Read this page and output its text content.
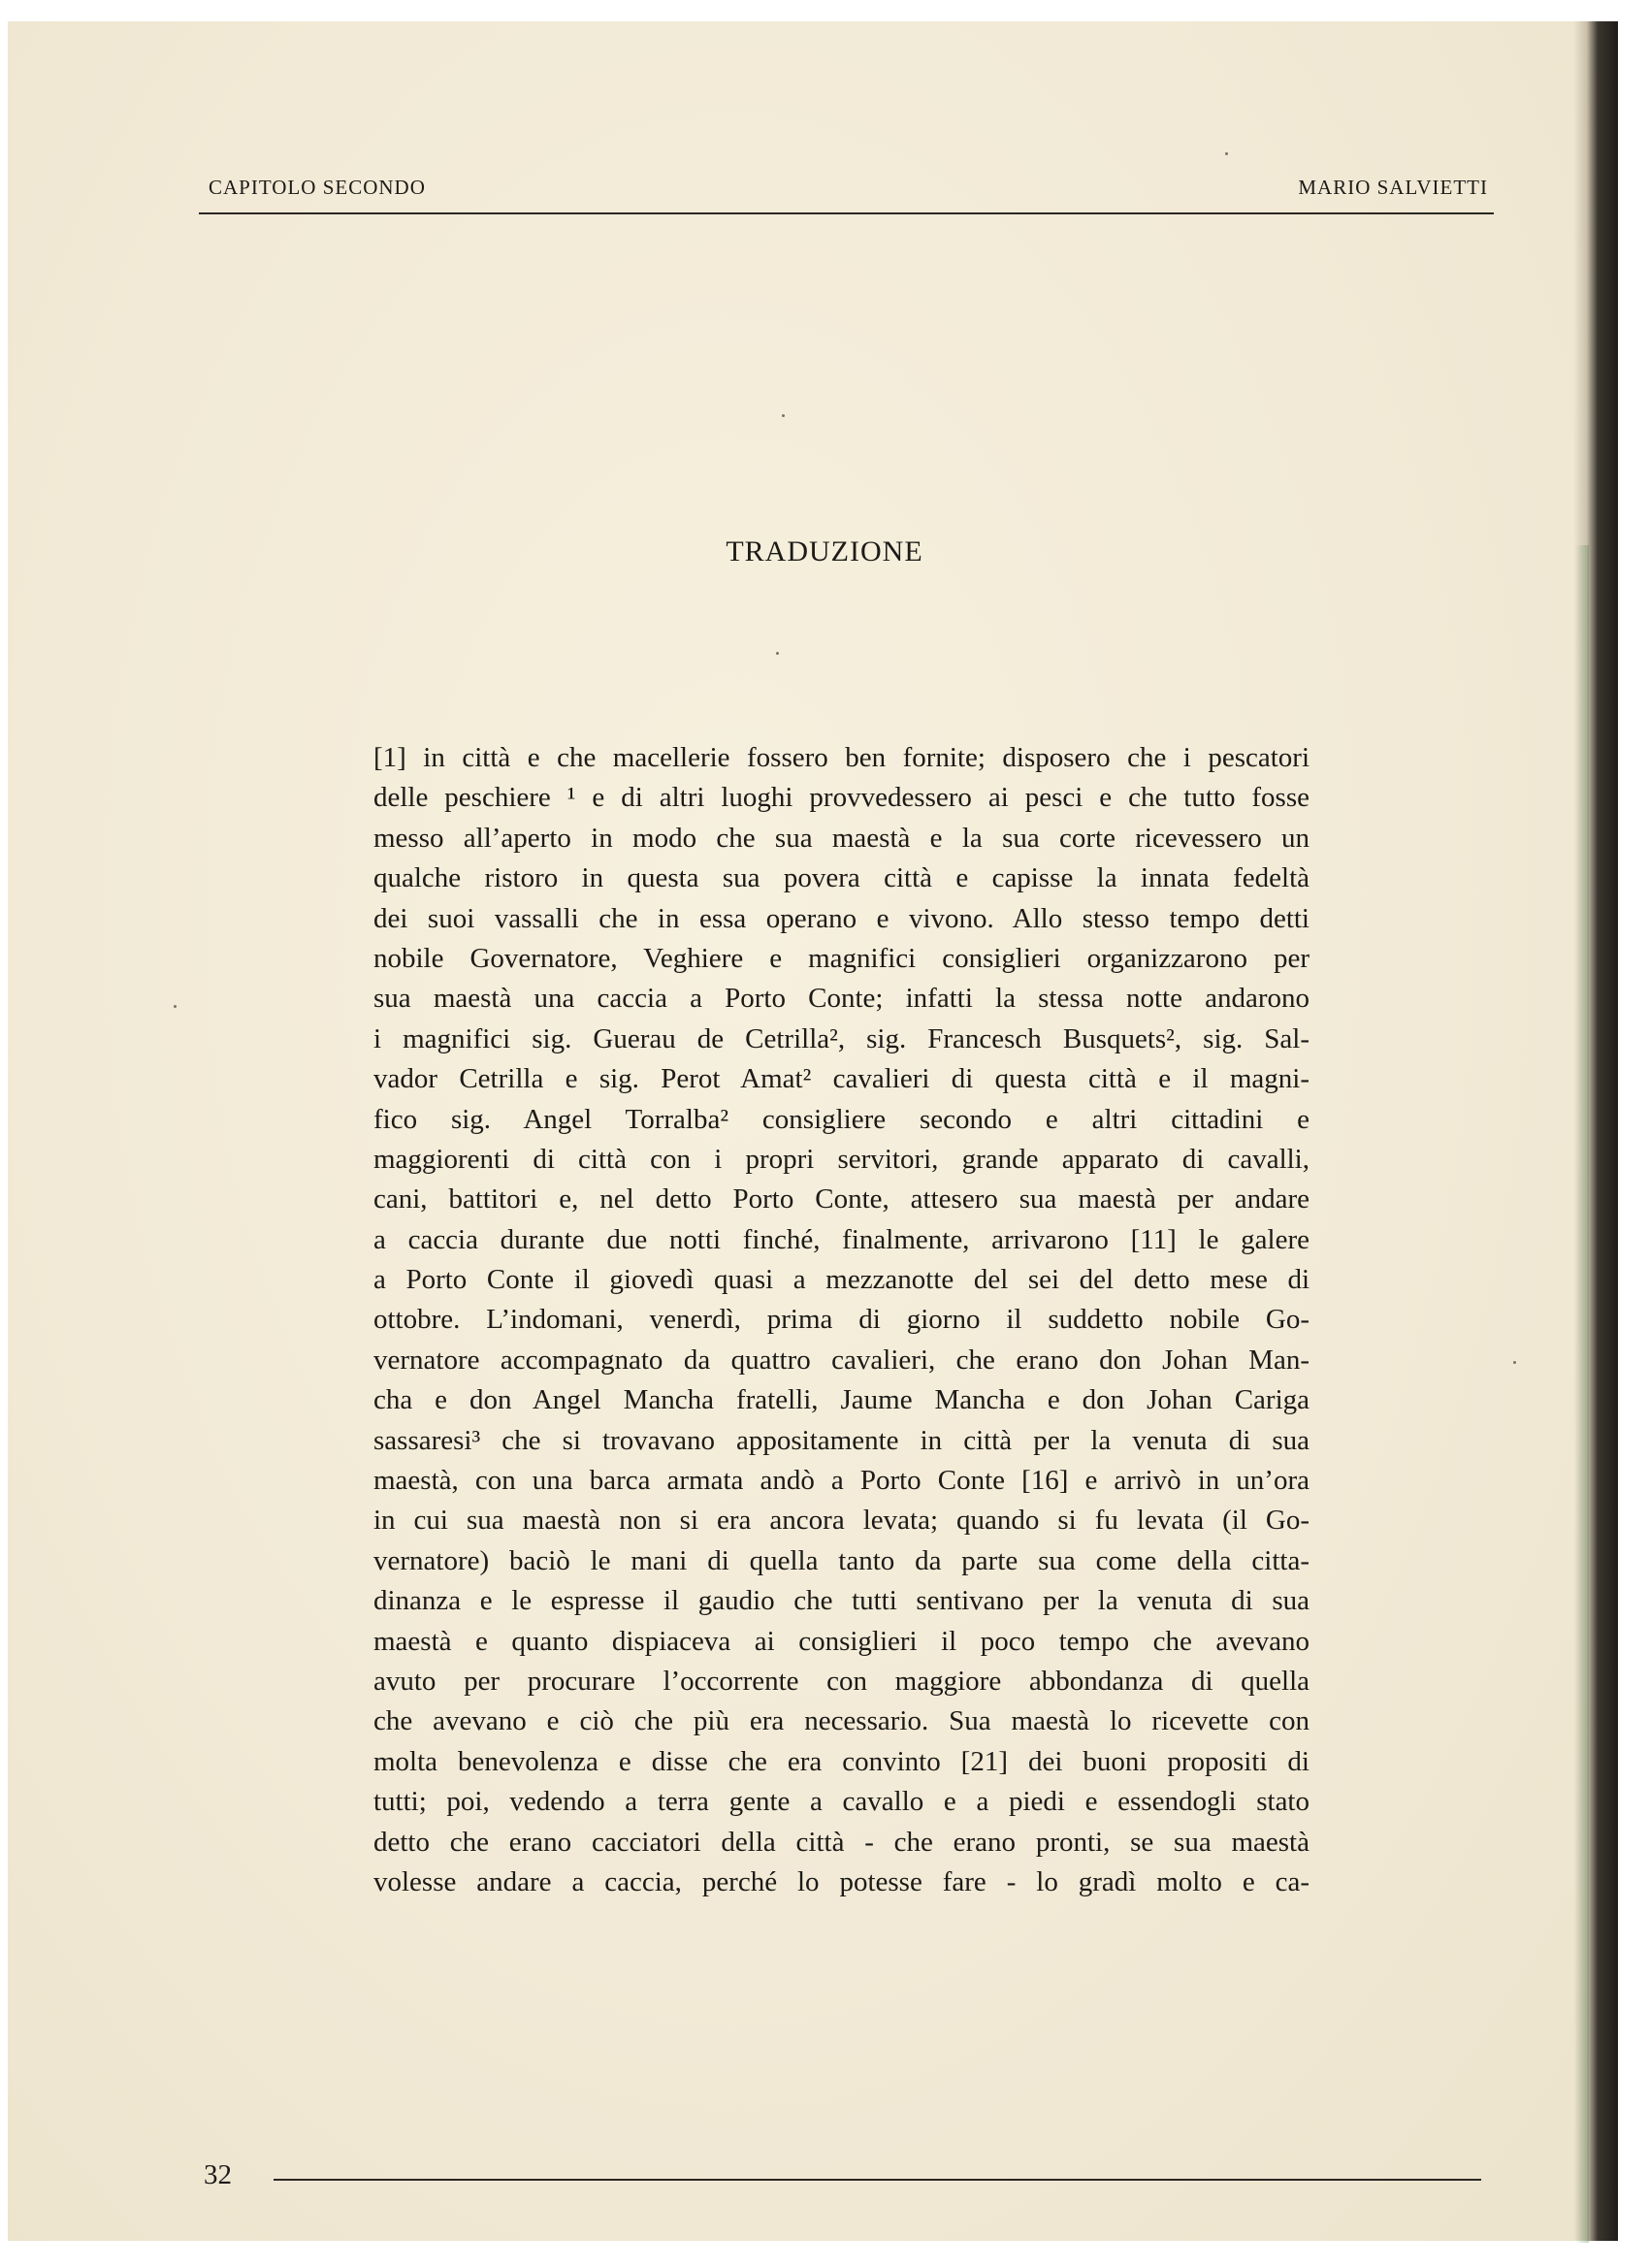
CAPITOLO SECONDO	MARIO SALVIETTI
TRADUZIONE
[1] in città e che macellerie fossero ben fornite; disposero che i pescatori
delle peschiere ¹ e di altri luoghi provvedessero ai pesci e che tutto fosse
messo all’aperto in modo che sua maestà e la sua corte ricevessero un
qualche ristoro in questa sua povera città e capisse la innata fedeltà
dei suoi vassalli che in essa operano e vivono. Allo stesso tempo detti
nobile Governatore, Veghiere e magnifici consiglieri organizzarono per
sua maestà una caccia a Porto Conte; infatti la stessa notte andarono
i magnifici sig. Guerau de Cetrilla², sig. Francesch Busquets², sig. Sal-
vador Cetrilla e sig. Perot Amat² cavalieri di questa città e il magni-
fico sig. Angel Torralba² consigliere secondo e altri cittadini e
maggiorenti di città con i propri servitori, grande apparato di cavalli,
cani, battitori e, nel detto Porto Conte, attesero sua maestà per andare
a caccia durante due notti finché, finalmente, arrivarono [11] le galere
a Porto Conte il giovedì quasi a mezzanotte del sei del detto mese di
ottobre. L’indomani, venerdì, prima di giorno il suddetto nobile Go-
vernatore accompagnato da quattro cavalieri, che erano don Johan Man-
cha e don Angel Mancha fratelli, Jaume Mancha e don Johan Cariga
sassaresi³ che si trovavano appositamente in città per la venuta di sua
maestà, con una barca armata andò a Porto Conte [16] e arrivò in un’ora
in cui sua maestà non si era ancora levata; quando si fu levata (il Go-
vernatore) baciò le mani di quella tanto da parte sua come della citta-
dinanza e le espresse il gaudio che tutti sentivano per la venuta di sua
maestà e quanto dispiaceva ai consiglieri il poco tempo che avevano
avuto per procurare l’occorrente con maggiore abbondanza di quella
che avevano e ciò che più era necessario. Sua maestà lo ricevette con
molta benevolenza e disse che era convinto [21] dei buoni propositi di
tutti; poi, vedendo a terra gente a cavallo e a piedi e essendogli stato
detto che erano cacciatori della città - che erano pronti, se sua maestà
volesse andare a caccia, perché lo potesse fare - lo gradì molto e ca-
32
